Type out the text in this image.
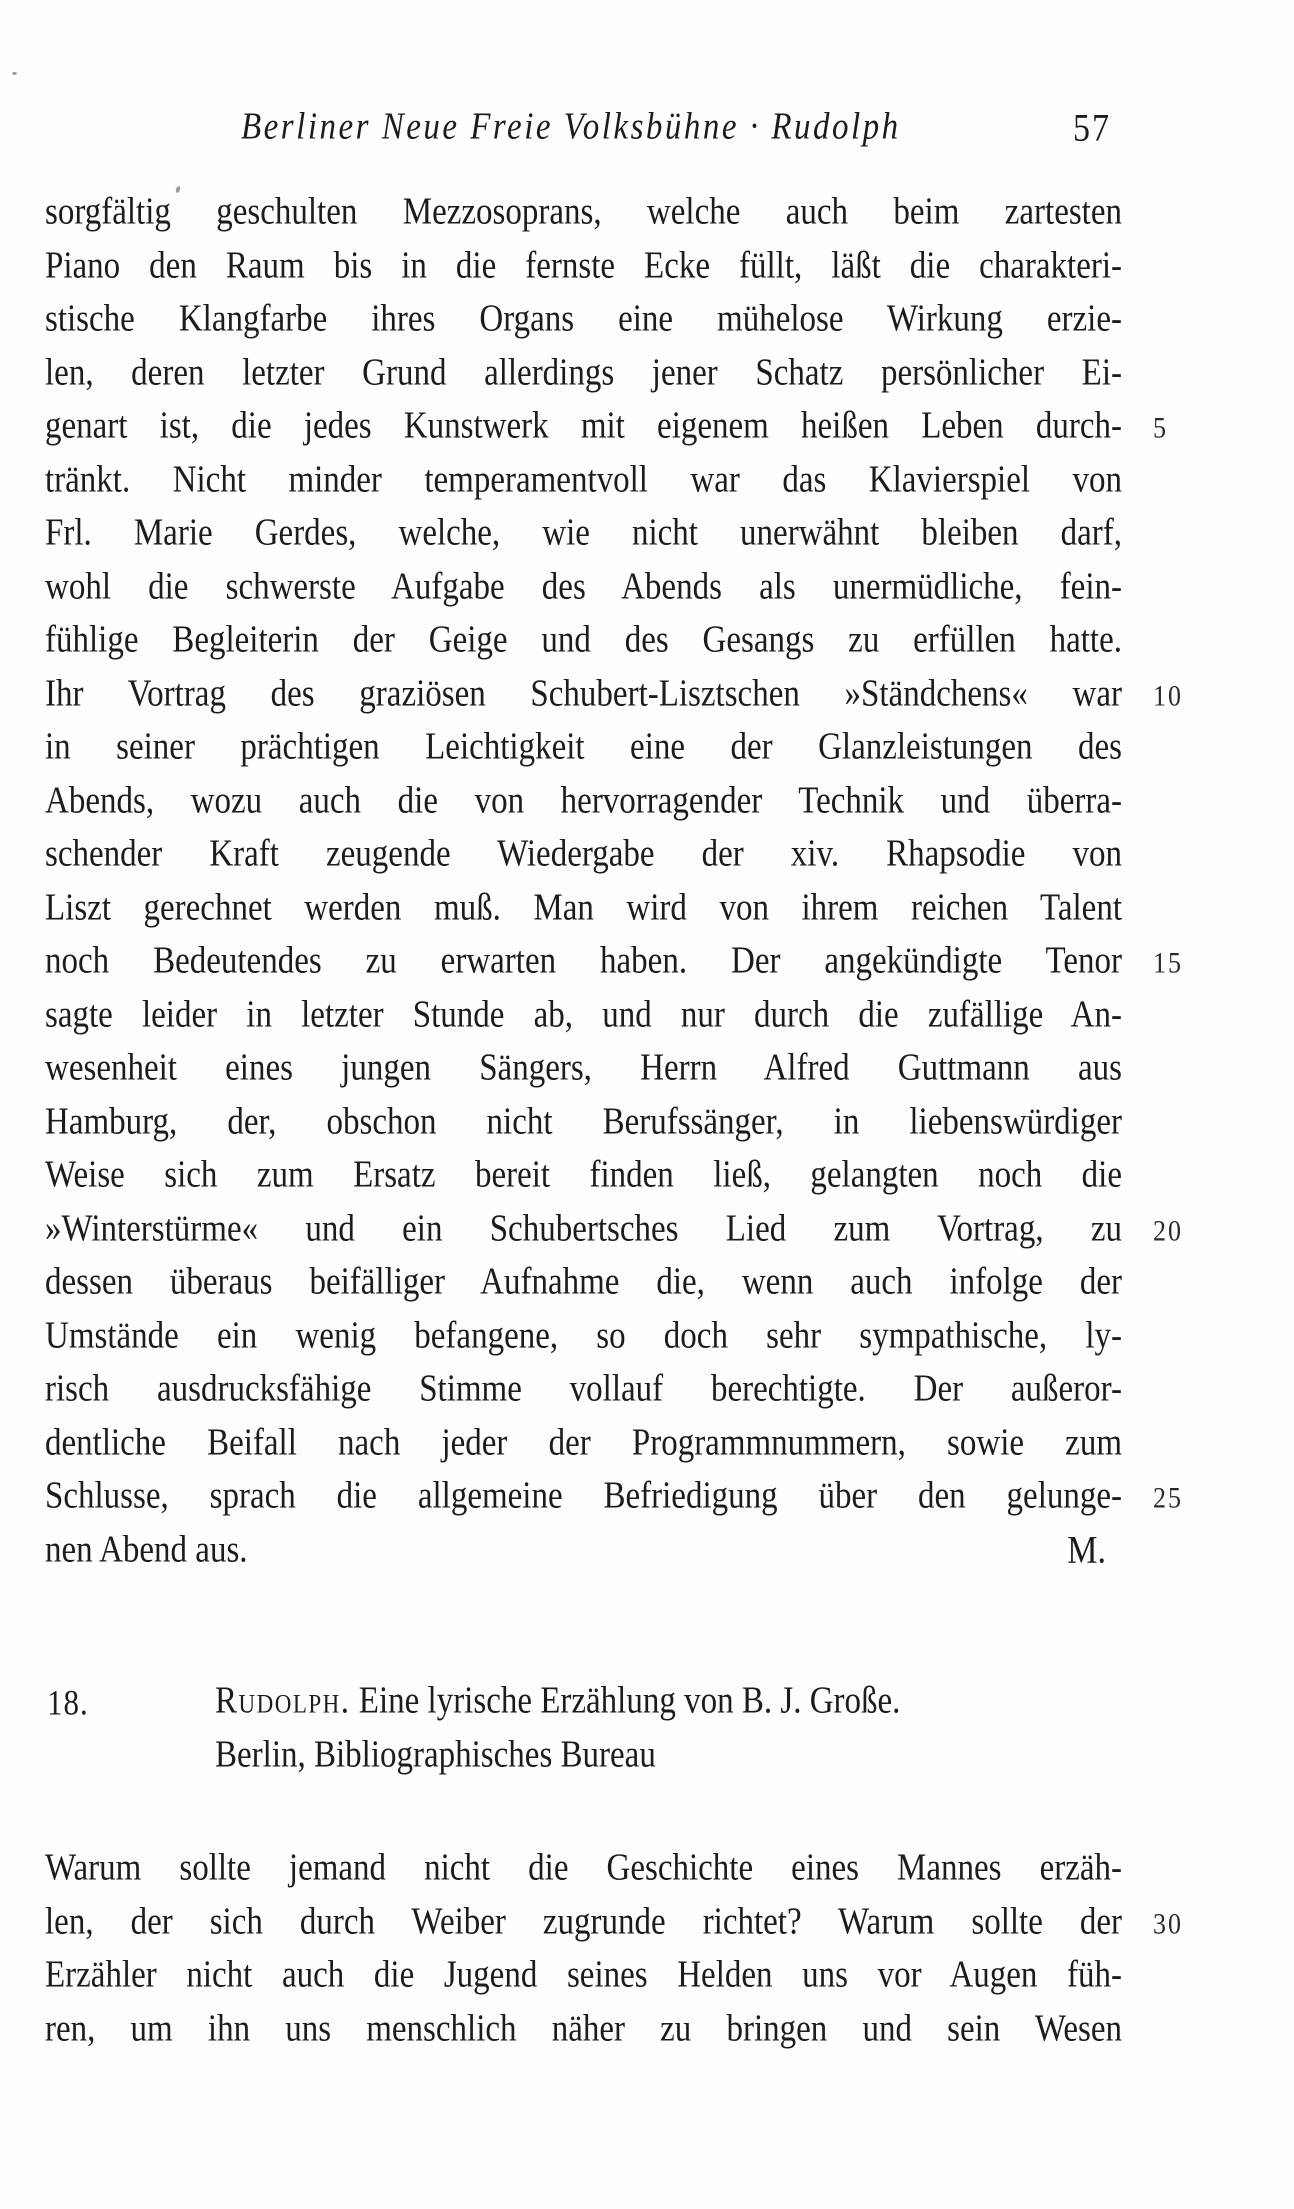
Berliner Neue Freie Volksbühne · Rudolph	57
sorgfältig geschulten Mezzosoprans, welche auch beim zartesten
Piano den Raum bis in die fernste Ecke füllt, läßt die charakteri-
stische Klangfarbe ihres Organs eine mühelose Wirkung erzie-
len, deren letzter Grund allerdings jener Schatz persönlicher Ei-
genart ist, die jedes Kunstwerk mit eigenem heißen Leben durch- 5
tränkt. Nicht minder temperamentvoll war das Klavierspiel von
Frl. Marie Gerdes, welche, wie nicht unerwähnt bleiben darf,
wohl die schwerste Aufgabe des Abends als unermüdliche, fein-
fühlige Begleiterin der Geige und des Gesangs zu erfüllen hatte.
Ihr Vortrag des graziösen Schubert-Lisztschen »Ständchens« war 10
in seiner prächtigen Leichtigkeit eine der Glanzleistungen des
Abends, wozu auch die von hervorragender Technik und überra-
schender Kraft zeugende Wiedergabe der xiv. Rhapsodie von
Liszt gerechnet werden muß. Man wird von ihrem reichen Talent
noch Bedeutendes zu erwarten haben. Der angekündigte Tenor 15
sagte leider in letzter Stunde ab, und nur durch die zufällige An-
wesenheit eines jungen Sängers, Herrn Alfred Guttmann aus
Hamburg, der, obschon nicht Berufssänger, in liebenswürdiger
Weise sich zum Ersatz bereit finden ließ, gelangten noch die
»Winterstürme« und ein Schubertsches Lied zum Vortrag, zu 20
dessen überaus beifälliger Aufnahme die, wenn auch infolge der
Umstände ein wenig befangene, so doch sehr sympathische, ly-
risch ausdrucksfähige Stimme vollauf berechtigte. Der außeror-
dentliche Beifall nach jeder der Programmnummern, sowie zum
Schlusse, sprach die allgemeine Befriedigung über den gelunge- 25
nen Abend aus.	M.
18.	Rudolph. Eine lyrische Erzählung von B. J. Große.
Berlin, Bibliographisches Bureau
Warum sollte jemand nicht die Geschichte eines Mannes erzäh-
len, der sich durch Weiber zugrunde richtet? Warum sollte der 30
Erzähler nicht auch die Jugend seines Helden uns vor Augen füh-
ren, um ihn uns menschlich näher zu bringen und sein Wesen
